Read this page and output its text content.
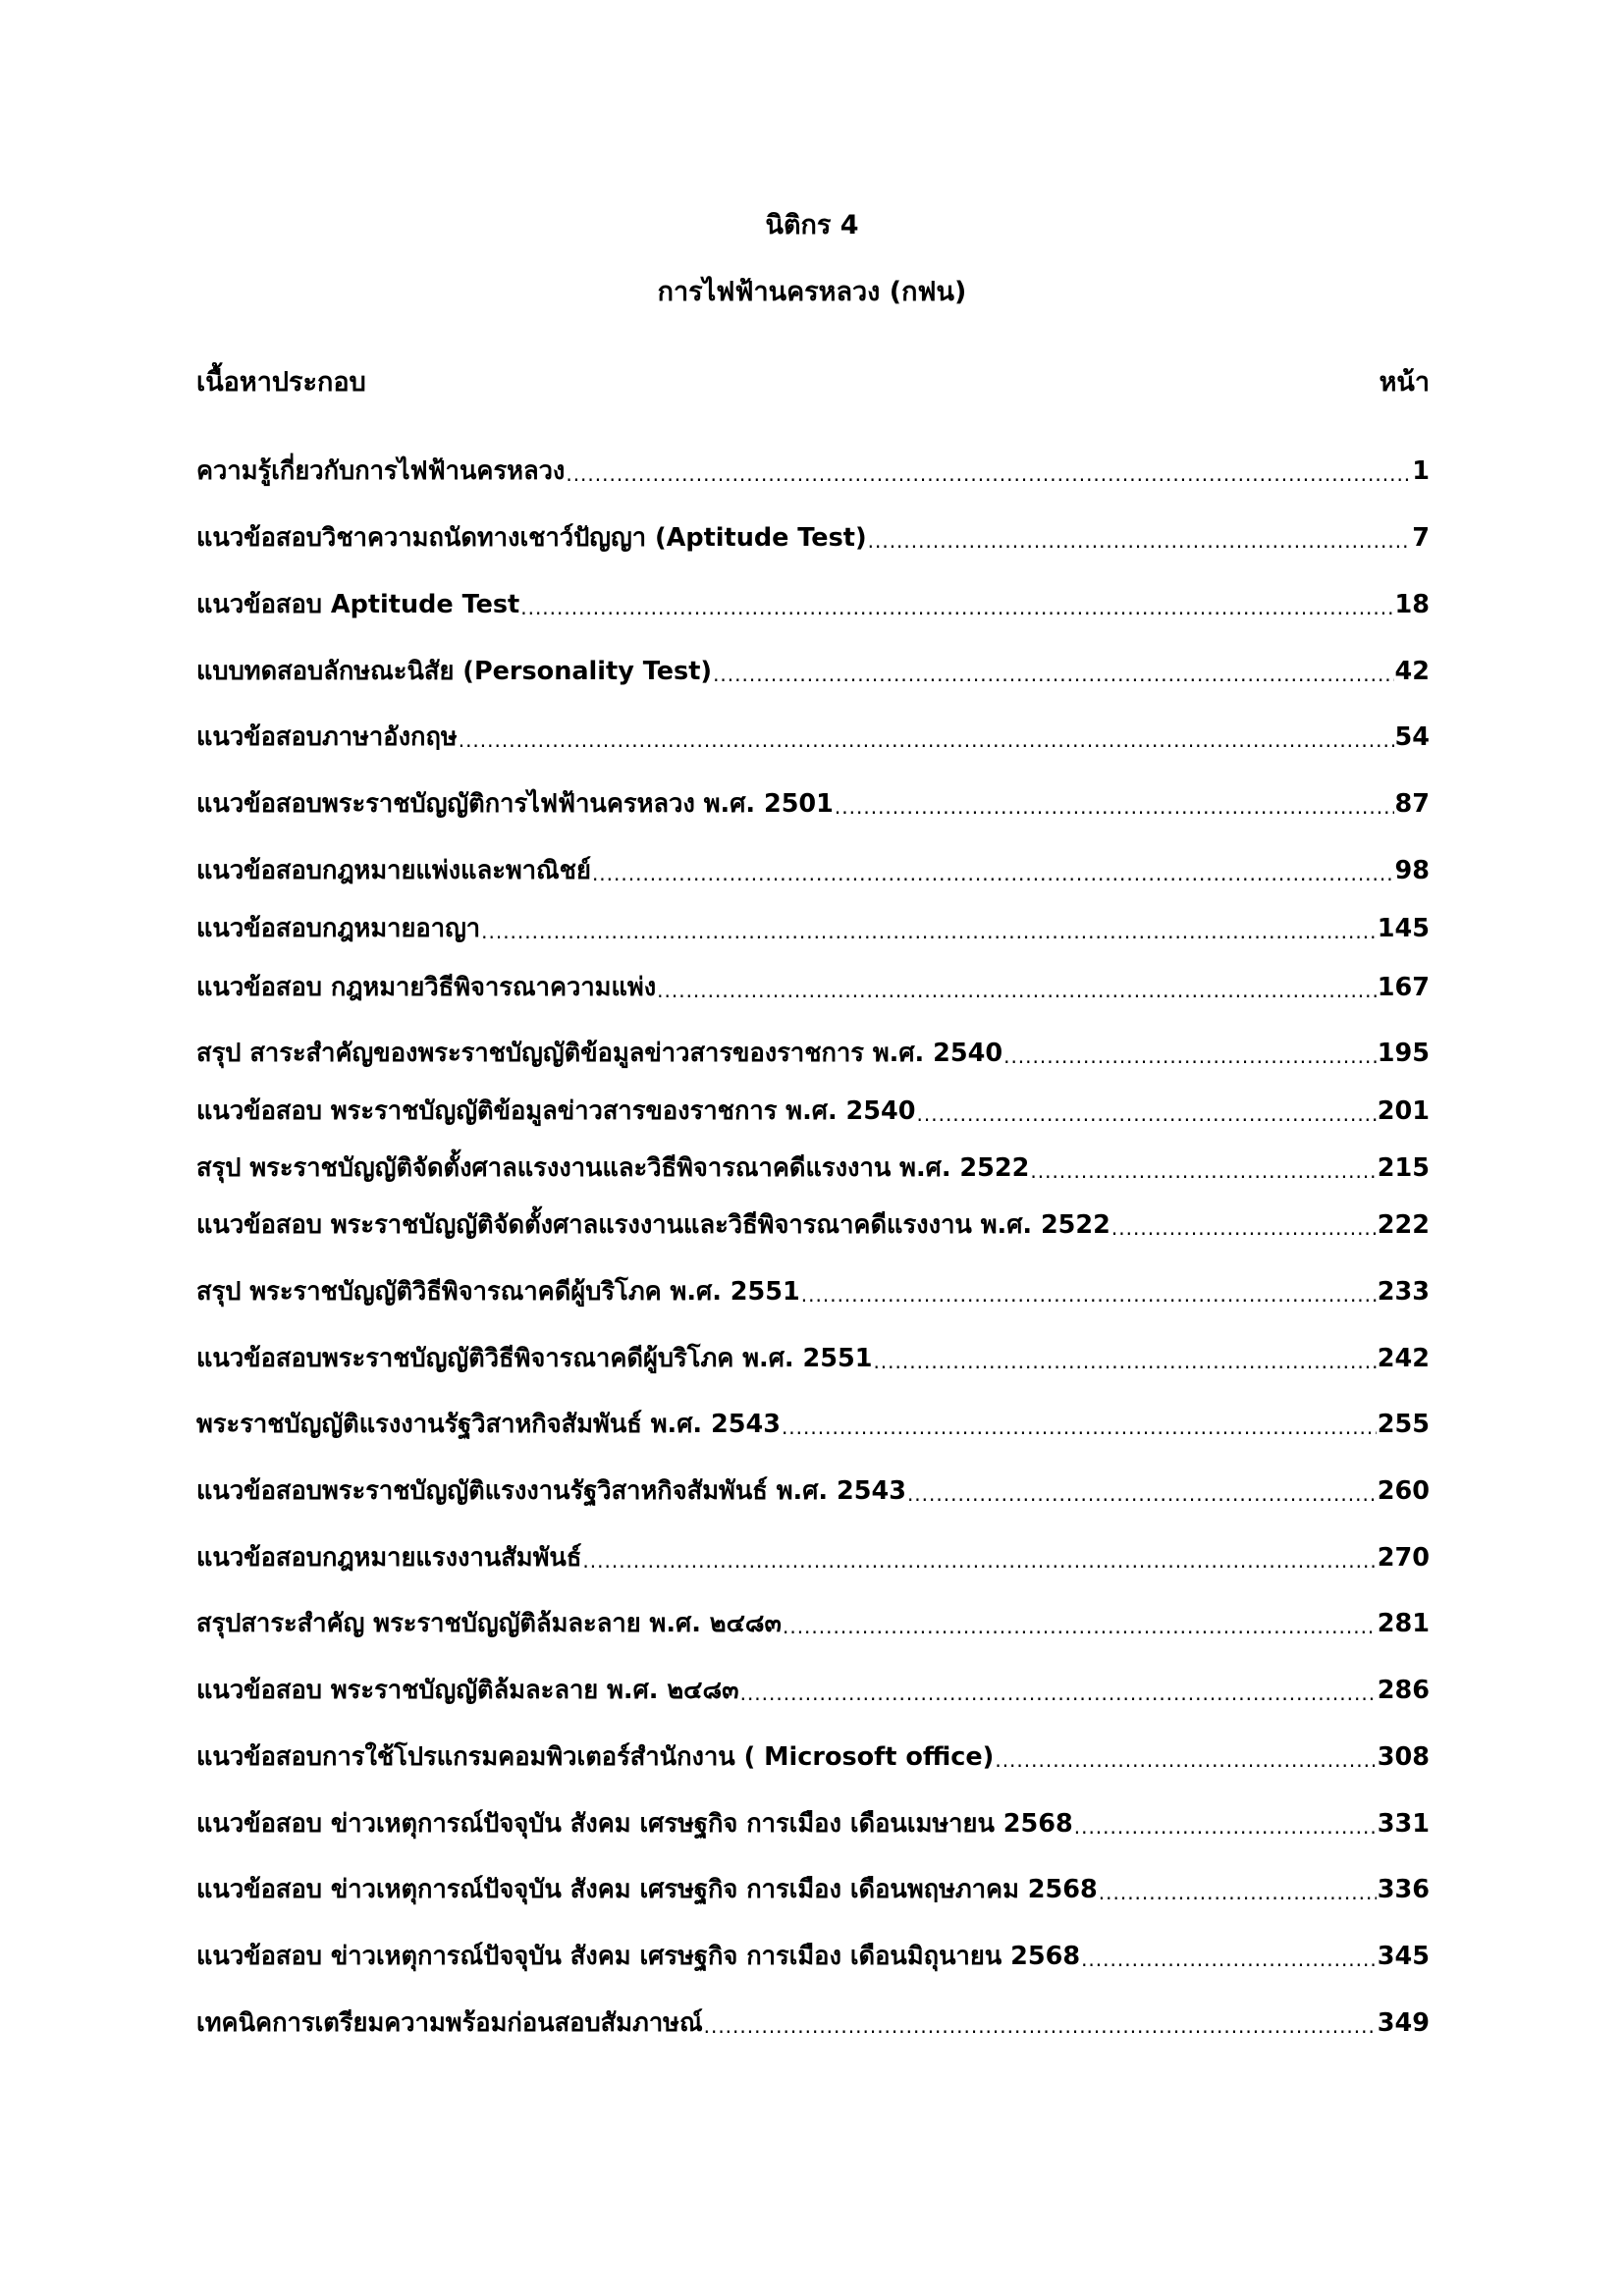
นิติกร 4
การไฟฟ้านครหลวง (กฟน)
เนื้อหาประกอบ	หน้า
ความรู้เกี่ยวกับการไฟฟ้านครหลวง .....	1
แนวข้อสอบวิชาความถนัดทางเชาว์ปัญญา (Aptitude Test) .....	7
แนวข้อสอบ Aptitude Test .....	18
แบบทดสอบลักษณะนิสัย (Personality Test) .....	42
แนวข้อสอบภาษาอังกฤษ .....	54
แนวข้อสอบพระราชบัญญัติการไฟฟ้านครหลวง พ.ศ. 2501 .....	87
แนวข้อสอบกฎหมายแพ่งและพาณิชย์ .....	98
แนวข้อสอบกฎหมายอาญา .....	145
แนวข้อสอบ กฎหมายวิธีพิจารณาความแพ่ง .....	167
สรุป สาระสำคัญของพระราชบัญญัติข้อมูลข่าวสารของราชการ พ.ศ. 2540 .....	195
แนวข้อสอบ พระราชบัญญัติข้อมูลข่าวสารของราชการ พ.ศ. 2540 .....	201
สรุป พระราชบัญญัติจัดตั้งศาลแรงงานและวิธีพิจารณาคดีแรงงาน พ.ศ. 2522 .....	215
แนวข้อสอบ พระราชบัญญัติจัดตั้งศาลแรงงานและวิธีพิจารณาคดีแรงงาน พ.ศ. 2522 .....	222
สรุป พระราชบัญญัติวิธีพิจารณาคดีผู้บริโภค พ.ศ. 2551 .....	233
แนวข้อสอบพระราชบัญญัติวิธีพิจารณาคดีผู้บริโภค พ.ศ. 2551 .....	242
พระราชบัญญัติแรงงานรัฐวิสาหกิจสัมพันธ์ พ.ศ. 2543 .....	255
แนวข้อสอบพระราชบัญญัติแรงงานรัฐวิสาหกิจสัมพันธ์ พ.ศ. 2543 .....	260
แนวข้อสอบกฎหมายแรงงานสัมพันธ์ .....	270
สรุปสาระสำคัญ พระราชบัญญัติล้มละลาย พ.ศ. ๒๔๘๓ .....	281
แนวข้อสอบ พระราชบัญญัติล้มละลาย พ.ศ. ๒๔๘๓ .....	286
แนวข้อสอบการใช้โปรแกรมคอมพิวเตอร์สำนักงาน ( Microsoft office) .....	308
แนวข้อสอบ ข่าวเหตุการณ์ปัจจุบัน สังคม เศรษฐกิจ การเมือง เดือนเมษายน 2568 .....	331
แนวข้อสอบ ข่าวเหตุการณ์ปัจจุบัน สังคม เศรษฐกิจ การเมือง เดือนพฤษภาคม 2568 .....	336
แนวข้อสอบ ข่าวเหตุการณ์ปัจจุบัน สังคม เศรษฐกิจ การเมือง เดือนมิถุนายน 2568 .....	345
เทคนิคการเตรียมความพร้อมก่อนสอบสัมภาษณ์ .....	349
